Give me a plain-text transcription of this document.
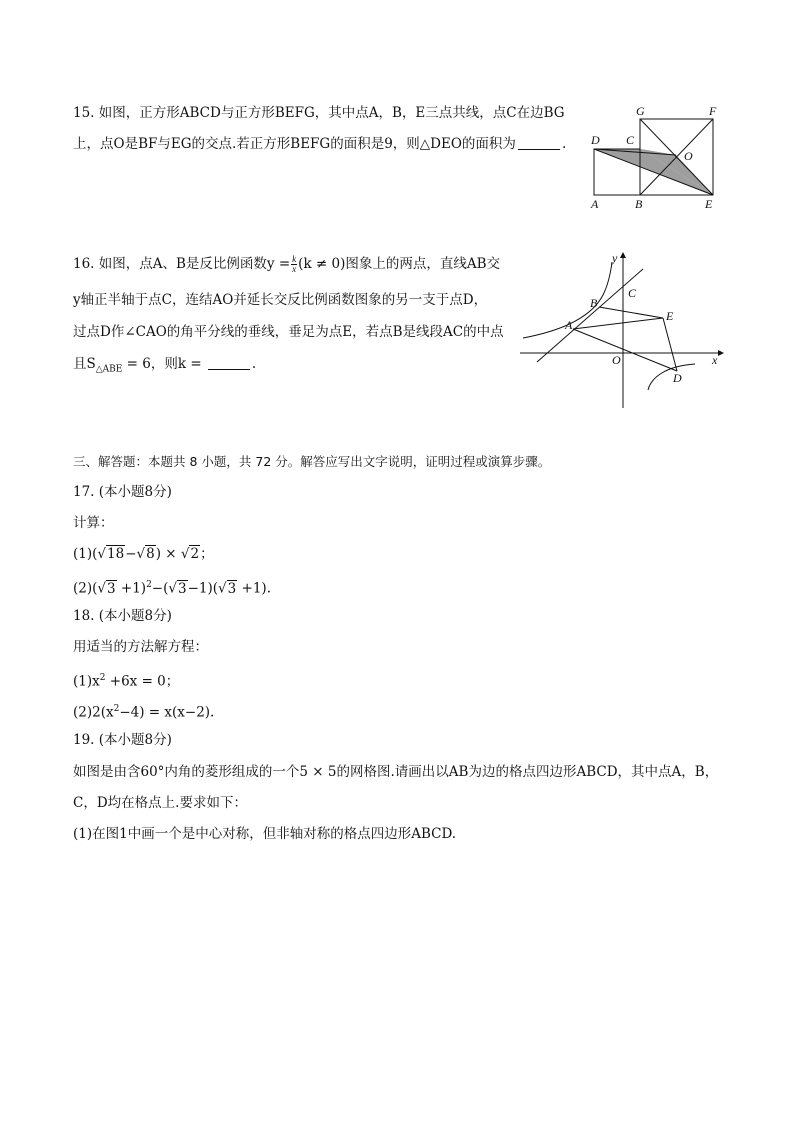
15. 如图，正方形ABCD与正方形BEFG，其中点A，B，E三点共线，点C在边BG
上，点O是BF与EG的交点.若正方形BEFG的面积是9，则△DEO的面积为	.
G	F
D C
O
A	B	E
16. 如图，点A、B是反比例函数$y = \frac{k}{x} (k \ne 0)$图象上的两点，直线AB交
y轴正半轴于点C，连结AO并延长交反比例函数图象的另一支于点D，
过点D作∠CAO的角平分线的垂线，垂足为点E，若点B是线段AC的中点
且$S_{\triangle ABE} = 6$，则k =	.
y
x
B
C
A
E
O
D
三、解答题：本题共 8 小题，共 72 分。解答应写出文字说明，证明过程或演算步骤。
17. (本小题8分)
计算：
(1)(√18−√8) × √2；
$(2)(√3 +1)^2-(√3-1)(√3 +1)$.
18. (本小题8分)
用适当的方法解方程：
$(1)x^2 +6x = 0$；
$(2)2(x^2-4) = x(x-2)$.
19. (本小题8分)
如图是由含60°内角的菱形组成的一个5 × 5的网格图.请画出以AB为边的格点四边形ABCD，其中点A，B，
C，D均在格点上.要求如下：
(1)在图1中画一个是中心对称，但非轴对称的格点四边形ABCD.
